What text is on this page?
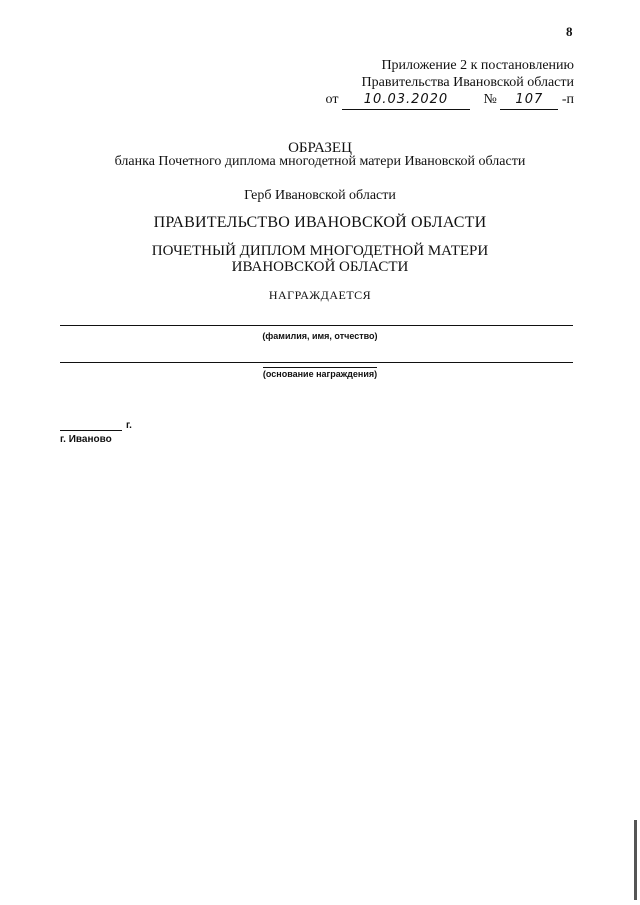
8
Приложение 2 к постановлению
Правительства Ивановской области
от 10.03.2020	№ 107 -п
ОБРАЗЕЦ
бланка Почетного диплома многодетной матери Ивановской области
Герб Ивановской области
ПРАВИТЕЛЬСТВО ИВАНОВСКОЙ ОБЛАСТИ
ПОЧЕТНЫЙ ДИПЛОМ МНОГОДЕТНОЙ МАТЕРИ
ИВАНОВСКОЙ ОБЛАСТИ
НАГРАЖДАЕТСЯ
(фамилия, имя, отчество)
(основание награждения)
г.
г. Иваново
